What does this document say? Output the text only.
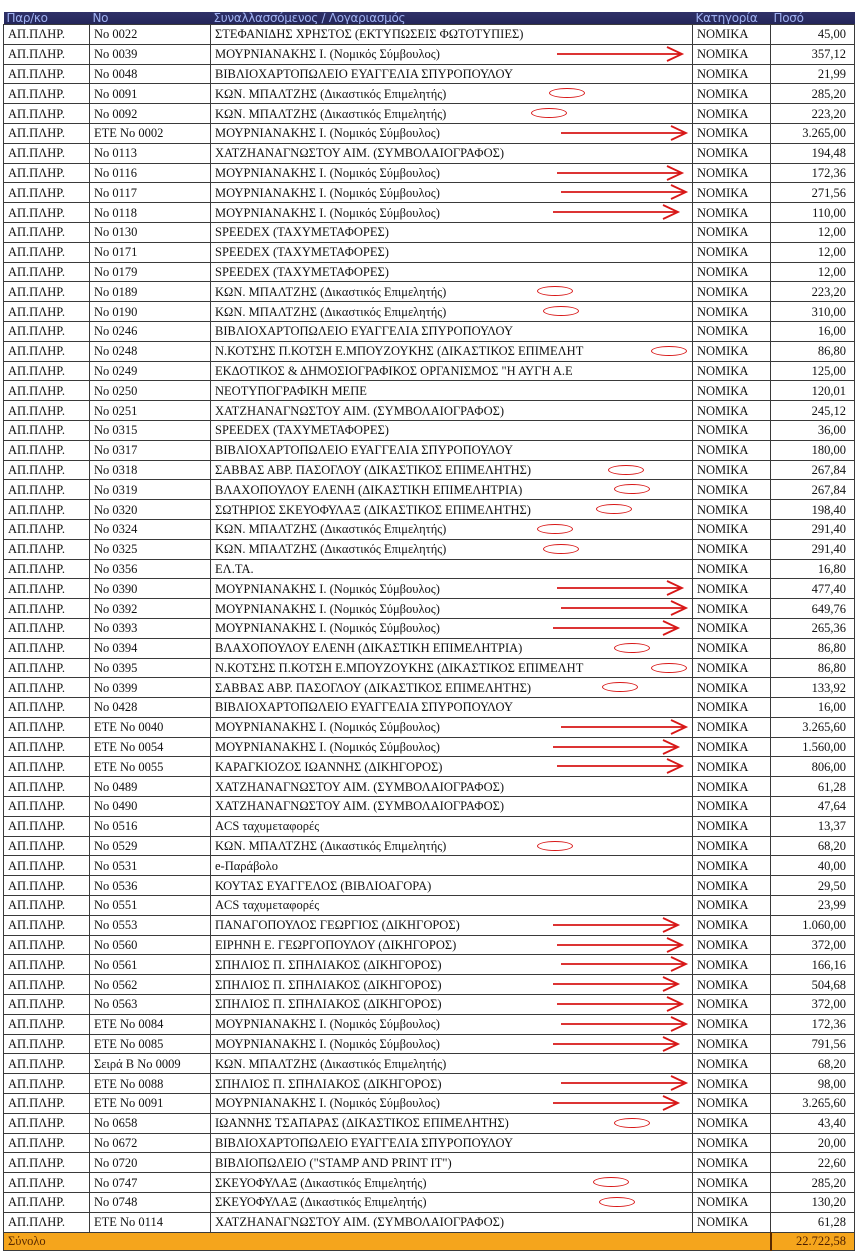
Παρ/κο	No	Συναλλασσόμενος / Λογαριασμός	Κατηγορία	Ποσό
ΑΠ.ΠΛΗΡ.	No 0022	ΣΤΕΦΑΝΙΔΗΣ ΧΡΗΣΤΟΣ (ΕΚΤΥΠΩΣΕΙΣ ΦΩΤΟΤΥΠΙΕΣ)	ΝΟΜΙΚΑ	45,00
ΑΠ.ΠΛΗΡ.	No 0039	ΜΟΥΡΝΙΑΝΑΚΗΣ Ι. (Νομικός Σύμβουλος)	ΝΟΜΙΚΑ	357,12
ΑΠ.ΠΛΗΡ.	No 0048	ΒΙΒΛΙΟΧΑΡΤΟΠΩΛΕΙΟ ΕΥΑΓΓΕΛΙΑ ΣΠΥΡΟΠΟΥΛΟΥ	ΝΟΜΙΚΑ	21,99
ΑΠ.ΠΛΗΡ.	No 0091	ΚΩΝ. ΜΠΑΛΤΖΗΣ (Δικαστικός Επιμελητής)	ΝΟΜΙΚΑ	285,20
ΑΠ.ΠΛΗΡ.	No 0092	ΚΩΝ. ΜΠΑΛΤΖΗΣ (Δικαστικός Επιμελητής)	ΝΟΜΙΚΑ	223,20
ΑΠ.ΠΛΗΡ.	ΕΤΕ No 0002	ΜΟΥΡΝΙΑΝΑΚΗΣ Ι. (Νομικός Σύμβουλος)	ΝΟΜΙΚΑ	3.265,00
ΑΠ.ΠΛΗΡ.	No 0113	ΧΑΤΖΗΑΝΑΓΝΩΣΤΟΥ ΑΙΜ. (ΣΥΜΒΟΛΑΙΟΓΡΑΦΟΣ)	ΝΟΜΙΚΑ	194,48
ΑΠ.ΠΛΗΡ.	No 0116	ΜΟΥΡΝΙΑΝΑΚΗΣ Ι. (Νομικός Σύμβουλος)	ΝΟΜΙΚΑ	172,36
ΑΠ.ΠΛΗΡ.	No 0117	ΜΟΥΡΝΙΑΝΑΚΗΣ Ι. (Νομικός Σύμβουλος)	ΝΟΜΙΚΑ	271,56
ΑΠ.ΠΛΗΡ.	No 0118	ΜΟΥΡΝΙΑΝΑΚΗΣ Ι. (Νομικός Σύμβουλος)	ΝΟΜΙΚΑ	110,00
ΑΠ.ΠΛΗΡ.	No 0130	SPEEDEX (ΤΑΧΥΜΕΤΑΦΟΡΕΣ)	ΝΟΜΙΚΑ	12,00
ΑΠ.ΠΛΗΡ.	No 0171	SPEEDEX (ΤΑΧΥΜΕΤΑΦΟΡΕΣ)	ΝΟΜΙΚΑ	12,00
ΑΠ.ΠΛΗΡ.	No 0179	SPEEDEX (ΤΑΧΥΜΕΤΑΦΟΡΕΣ)	ΝΟΜΙΚΑ	12,00
ΑΠ.ΠΛΗΡ.	No 0189	ΚΩΝ. ΜΠΑΛΤΖΗΣ (Δικαστικός Επιμελητής)	ΝΟΜΙΚΑ	223,20
ΑΠ.ΠΛΗΡ.	No 0190	ΚΩΝ. ΜΠΑΛΤΖΗΣ (Δικαστικός Επιμελητής)	ΝΟΜΙΚΑ	310,00
ΑΠ.ΠΛΗΡ.	No 0246	ΒΙΒΛΙΟΧΑΡΤΟΠΩΛΕΙΟ ΕΥΑΓΓΕΛΙΑ ΣΠΥΡΟΠΟΥΛΟΥ	ΝΟΜΙΚΑ	16,00
ΑΠ.ΠΛΗΡ.	No 0248	Ν.ΚΟΤΣΗΣ Π.ΚΟΤΣΗ Ε.ΜΠΟΥΖΟΥΚΗΣ (ΔΙΚΑΣΤΙΚΟΣ ΕΠΙΜΕΛΗΤ	ΝΟΜΙΚΑ	86,80
ΑΠ.ΠΛΗΡ.	No 0249	ΕΚΔΟΤΙΚΟΣ & ΔΗΜΟΣΙΟΓΡΑΦΙΚΟΣ ΟΡΓΑΝΙΣΜΟΣ "Η ΑΥΓΗ Α.Ε	ΝΟΜΙΚΑ	125,00
ΑΠ.ΠΛΗΡ.	No 0250	ΝΕΟΤΥΠΟΓΡΑΦΙΚΗ ΜΕΠΕ	ΝΟΜΙΚΑ	120,01
ΑΠ.ΠΛΗΡ.	No 0251	ΧΑΤΖΗΑΝΑΓΝΩΣΤΟΥ ΑΙΜ. (ΣΥΜΒΟΛΑΙΟΓΡΑΦΟΣ)	ΝΟΜΙΚΑ	245,12
ΑΠ.ΠΛΗΡ.	No 0315	SPEEDEX (ΤΑΧΥΜΕΤΑΦΟΡΕΣ)	ΝΟΜΙΚΑ	36,00
ΑΠ.ΠΛΗΡ.	No 0317	ΒΙΒΛΙΟΧΑΡΤΟΠΩΛΕΙΟ ΕΥΑΓΓΕΛΙΑ ΣΠΥΡΟΠΟΥΛΟΥ	ΝΟΜΙΚΑ	180,00
ΑΠ.ΠΛΗΡ.	No 0318	ΣΑΒΒΑΣ ΑΒΡ. ΠΑΣΟΓΛΟΥ (ΔΙΚΑΣΤΙΚΟΣ ΕΠΙΜΕΛΗΤΗΣ)	ΝΟΜΙΚΑ	267,84
ΑΠ.ΠΛΗΡ.	No 0319	ΒΛΑΧΟΠΟΥΛΟΥ ΕΛΕΝΗ (ΔΙΚΑΣΤΙΚΗ ΕΠΙΜΕΛΗΤΡΙΑ)	ΝΟΜΙΚΑ	267,84
ΑΠ.ΠΛΗΡ.	No 0320	ΣΩΤΗΡΙΟΣ ΣΚΕΥΟΦΥΛΑΞ (ΔΙΚΑΣΤΙΚΟΣ ΕΠΙΜΕΛΗΤΗΣ)	ΝΟΜΙΚΑ	198,40
ΑΠ.ΠΛΗΡ.	No 0324	ΚΩΝ. ΜΠΑΛΤΖΗΣ (Δικαστικός Επιμελητής)	ΝΟΜΙΚΑ	291,40
ΑΠ.ΠΛΗΡ.	No 0325	ΚΩΝ. ΜΠΑΛΤΖΗΣ (Δικαστικός Επιμελητής)	ΝΟΜΙΚΑ	291,40
ΑΠ.ΠΛΗΡ.	No 0356	ΕΛ.ΤΑ.	ΝΟΜΙΚΑ	16,80
ΑΠ.ΠΛΗΡ.	No 0390	ΜΟΥΡΝΙΑΝΑΚΗΣ Ι. (Νομικός Σύμβουλος)	ΝΟΜΙΚΑ	477,40
ΑΠ.ΠΛΗΡ.	No 0392	ΜΟΥΡΝΙΑΝΑΚΗΣ Ι. (Νομικός Σύμβουλος)	ΝΟΜΙΚΑ	649,76
ΑΠ.ΠΛΗΡ.	No 0393	ΜΟΥΡΝΙΑΝΑΚΗΣ Ι. (Νομικός Σύμβουλος)	ΝΟΜΙΚΑ	265,36
ΑΠ.ΠΛΗΡ.	No 0394	ΒΛΑΧΟΠΟΥΛΟΥ ΕΛΕΝΗ (ΔΙΚΑΣΤΙΚΗ ΕΠΙΜΕΛΗΤΡΙΑ)	ΝΟΜΙΚΑ	86,80
ΑΠ.ΠΛΗΡ.	No 0395	Ν.ΚΟΤΣΗΣ Π.ΚΟΤΣΗ Ε.ΜΠΟΥΖΟΥΚΗΣ (ΔΙΚΑΣΤΙΚΟΣ ΕΠΙΜΕΛΗΤ	ΝΟΜΙΚΑ	86,80
ΑΠ.ΠΛΗΡ.	No 0399	ΣΑΒΒΑΣ ΑΒΡ. ΠΑΣΟΓΛΟΥ (ΔΙΚΑΣΤΙΚΟΣ ΕΠΙΜΕΛΗΤΗΣ)	ΝΟΜΙΚΑ	133,92
ΑΠ.ΠΛΗΡ.	No 0428	ΒΙΒΛΙΟΧΑΡΤΟΠΩΛΕΙΟ ΕΥΑΓΓΕΛΙΑ ΣΠΥΡΟΠΟΥΛΟΥ	ΝΟΜΙΚΑ	16,00
ΑΠ.ΠΛΗΡ.	ΕΤΕ No 0040	ΜΟΥΡΝΙΑΝΑΚΗΣ Ι. (Νομικός Σύμβουλος)	ΝΟΜΙΚΑ	3.265,60
ΑΠ.ΠΛΗΡ.	ΕΤΕ No 0054	ΜΟΥΡΝΙΑΝΑΚΗΣ Ι. (Νομικός Σύμβουλος)	ΝΟΜΙΚΑ	1.560,00
ΑΠ.ΠΛΗΡ.	ΕΤΕ No 0055	ΚΑΡΑΓΚΙΟΖΟΣ ΙΩΑΝΝΗΣ (ΔΙΚΗΓΟΡΟΣ)	ΝΟΜΙΚΑ	806,00
ΑΠ.ΠΛΗΡ.	No 0489	ΧΑΤΖΗΑΝΑΓΝΩΣΤΟΥ ΑΙΜ. (ΣΥΜΒΟΛΑΙΟΓΡΑΦΟΣ)	ΝΟΜΙΚΑ	61,28
ΑΠ.ΠΛΗΡ.	No 0490	ΧΑΤΖΗΑΝΑΓΝΩΣΤΟΥ ΑΙΜ. (ΣΥΜΒΟΛΑΙΟΓΡΑΦΟΣ)	ΝΟΜΙΚΑ	47,64
ΑΠ.ΠΛΗΡ.	No 0516	ACS ταχυμεταφορές	ΝΟΜΙΚΑ	13,37
ΑΠ.ΠΛΗΡ.	No 0529	ΚΩΝ. ΜΠΑΛΤΖΗΣ (Δικαστικός Επιμελητής)	ΝΟΜΙΚΑ	68,20
ΑΠ.ΠΛΗΡ.	No 0531	e-Παράβολο	ΝΟΜΙΚΑ	40,00
ΑΠ.ΠΛΗΡ.	No 0536	ΚΟΥΤΑΣ ΕΥΑΓΓΕΛΟΣ (ΒΙΒΛΙΟΑΓΟΡΑ)	ΝΟΜΙΚΑ	29,50
ΑΠ.ΠΛΗΡ.	No 0551	ACS ταχυμεταφορές	ΝΟΜΙΚΑ	23,99
ΑΠ.ΠΛΗΡ.	No 0553	ΠΑΝΑΓΟΠΟΥΛΟΣ ΓΕΩΡΓΙΟΣ (ΔΙΚΗΓΟΡΟΣ)	ΝΟΜΙΚΑ	1.060,00
ΑΠ.ΠΛΗΡ.	No 0560	ΕΙΡΗΝΗ Ε. ΓΕΩΡΓΟΠΟΥΛΟΥ (ΔΙΚΗΓΟΡΟΣ)	ΝΟΜΙΚΑ	372,00
ΑΠ.ΠΛΗΡ.	No 0561	ΣΠΗΛΙΟΣ Π. ΣΠΗΛΙΑΚΟΣ (ΔΙΚΗΓΟΡΟΣ)	ΝΟΜΙΚΑ	166,16
ΑΠ.ΠΛΗΡ.	No 0562	ΣΠΗΛΙΟΣ Π. ΣΠΗΛΙΑΚΟΣ (ΔΙΚΗΓΟΡΟΣ)	ΝΟΜΙΚΑ	504,68
ΑΠ.ΠΛΗΡ.	No 0563	ΣΠΗΛΙΟΣ Π. ΣΠΗΛΙΑΚΟΣ (ΔΙΚΗΓΟΡΟΣ)	ΝΟΜΙΚΑ	372,00
ΑΠ.ΠΛΗΡ.	ΕΤΕ No 0084	ΜΟΥΡΝΙΑΝΑΚΗΣ Ι. (Νομικός Σύμβουλος)	ΝΟΜΙΚΑ	172,36
ΑΠ.ΠΛΗΡ.	ΕΤΕ No 0085	ΜΟΥΡΝΙΑΝΑΚΗΣ Ι. (Νομικός Σύμβουλος)	ΝΟΜΙΚΑ	791,56
ΑΠ.ΠΛΗΡ.	Σειρά Β No 0009	ΚΩΝ. ΜΠΑΛΤΖΗΣ (Δικαστικός Επιμελητής)	ΝΟΜΙΚΑ	68,20
ΑΠ.ΠΛΗΡ.	ΕΤΕ No 0088	ΣΠΗΛΙΟΣ Π. ΣΠΗΛΙΑΚΟΣ (ΔΙΚΗΓΟΡΟΣ)	ΝΟΜΙΚΑ	98,00
ΑΠ.ΠΛΗΡ.	ΕΤΕ No 0091	ΜΟΥΡΝΙΑΝΑΚΗΣ Ι. (Νομικός Σύμβουλος)	ΝΟΜΙΚΑ	3.265,60
ΑΠ.ΠΛΗΡ.	No 0658	ΙΩΑΝΝΗΣ ΤΣΑΠΑΡΑΣ (ΔΙΚΑΣΤΙΚΟΣ ΕΠΙΜΕΛΗΤΗΣ)	ΝΟΜΙΚΑ	43,40
ΑΠ.ΠΛΗΡ.	No 0672	ΒΙΒΛΙΟΧΑΡΤΟΠΩΛΕΙΟ ΕΥΑΓΓΕΛΙΑ ΣΠΥΡΟΠΟΥΛΟΥ	ΝΟΜΙΚΑ	20,00
ΑΠ.ΠΛΗΡ.	No 0720	ΒΙΒΛΙΟΠΩΛΕΙΟ ("STAMP AND PRINT IT")	ΝΟΜΙΚΑ	22,60
ΑΠ.ΠΛΗΡ.	No 0747	ΣΚΕΥΟΦΥΛΑΞ (Δικαστικός Επιμελητής)	ΝΟΜΙΚΑ	285,20
ΑΠ.ΠΛΗΡ.	No 0748	ΣΚΕΥΟΦΥΛΑΞ (Δικαστικός Επιμελητής)	ΝΟΜΙΚΑ	130,20
ΑΠ.ΠΛΗΡ.	ΕΤΕ No 0114	ΧΑΤΖΗΑΝΑΓΝΩΣΤΟΥ ΑΙΜ. (ΣΥΜΒΟΛΑΙΟΓΡΑΦΟΣ)	ΝΟΜΙΚΑ	61,28
Σύνολο				22.722,58
